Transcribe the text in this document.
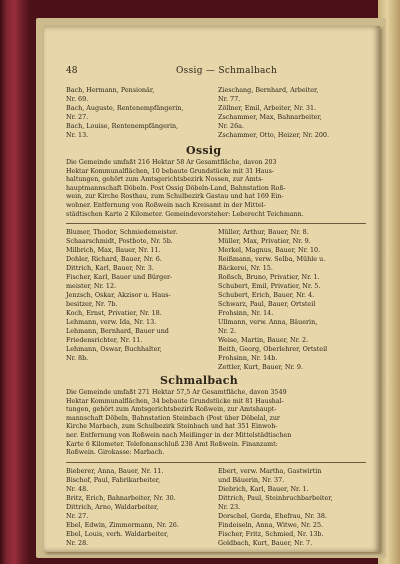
48	Ossig — Schmalbach
Bach, Hermann, Pensionär,
Nr. 69.
Bach, Auguste, Rentenempfängerin,
Nr. 27.
Bach, Louise, Rentenempfängerin,
Nr. 13.
Zieschang, Bernhard, Arbeiter,
Nr. 77.
Zöllner, Emil, Arbeiter, Nr. 31.
Zschammer, Max, Bahnarbeiter,
Nr. 26a.
Zschammer, Otto, Heizer, Nr. 200.
Ossig
Die Gemeinde umfaßt 216 Hektar 58 Ar Gesamtfläche, davon 203
Hektar Kommunalflächen, 10 bebaute Grundstücke mit 31 Haus-
haltungen, gehört zum Amtsgerichtsbezirk Nossen, zur Amts-
hauptmannschaft Döbeln. Post Ossig Döbeln-Land, Bahnstation Roß-
wein, zur Kirche Rosthau, zum Schulbezirk Gastau und hat 169 Ein-
wohner. Entfernung von Roßwein nach Kreisamt in der Mittel-
städtischen Karte 2 Kilometer. Gemeindevorsteher: Leberecht Teichmann.
Blumer, Thodor, Schmiedemeister.
Schaarschmidt, Postbote, Nr. 5b.
Milbrich, Max, Bauer, Nr. 11.
Dohler, Richard, Bauer, Nr. 6.
Dittrich, Karl, Bauer, Nr. 3.
Fischer, Karl, Bauer und Bürger-
meister, Nr. 12.
Jenzsch, Oskar, Akzisor u. Haus-
besitzer, Nr. 7b.
Koch, Ernst, Privatier, Nr. 18.
Lehmann, verw. Ida, Nr. 13.
Lehmann, Bernhard, Bauer und
Friedensrichter, Nr. 11.
Lehmann, Oswar, Buchhalter,
Nr. 8b.
Müller, Arthur, Bauer, Nr. 8.
Müller, Max, Privatier, Nr. 9.
Merkel, Magnus, Bauer, Nr. 10.
Reißmann, verw. Selba, Mühle u.
Bäckerei, Nr. 15.
Roßsch, Bruno, Privatier, Nr. 1.
Schubert, Emil, Privatier, Nr. 5.
Schubert, Erich, Bauer, Nr. 4.
Schwarz, Paul, Bauer, Ortsteil
Frohsinn, Nr. 14.
Ullmann, verw. Anna, Bäuerin,
Nr. 2.
Weise, Martin, Bauer, Nr. 2.
Beith, Georg, Oberlehrer, Ortsteil
Frohsinn, Nr. 14b.
Zettler, Kurt, Bauer, Nr. 9.
Schmalbach
Die Gemeinde umfaßt 271 Hektar 57,5 Ar Gesamtfläche, davon 3549
Hektar Kommunalflächen, 34 bebaute Grundstücke mit 81 Haushal-
tungen, gehört zum Amtsgerichtsbezirk Roßwein, zur Amtshaupt-
mannschaft Döbeln, Bahnstation Steinbach (Post über Döbelal, zur
Kirche Marbach, zum Schulbezirk Steinbach und hat 351 Einwoh-
ner. Entfernung von Roßwein nach Meißinger in der Mittelstädtischen
Karte 6 Kilometer. Telefonanschluß 238 Amt Roßwein. Finanzamt:
Roßwein. Girokasse: Marbach.
Bieberer, Anna, Bauer, Nr. 11.
Bischof, Paul, Fabrikarbeiter,
Nr. 48.
Britz, Erich, Bahnarbeiter, Nr. 30.
Dittrich, Arno, Waldarbeiter,
Nr. 27.
Ebel, Edwin, Zimmermann, Nr. 26.
Ebel, Louis, verh. Waldarbeiter,
Nr. 28.
Ebert, verw. Martha, Gastwirtin
und Bäuerin, Nr. 37.
Diebrich, Karl, Bauer, Nr. 1.
Dittrich, Paul, Steinbruchbarbeiter,
Nr. 23.
Dorschel, Gerda, Ehefrau, Nr. 38.
Findeiseln, Anna, Witwe, Nr. 25.
Fischer, Fritz, Schmied, Nr. 13b.
Goldbach, Kurt, Bauer, Nr. 7.
